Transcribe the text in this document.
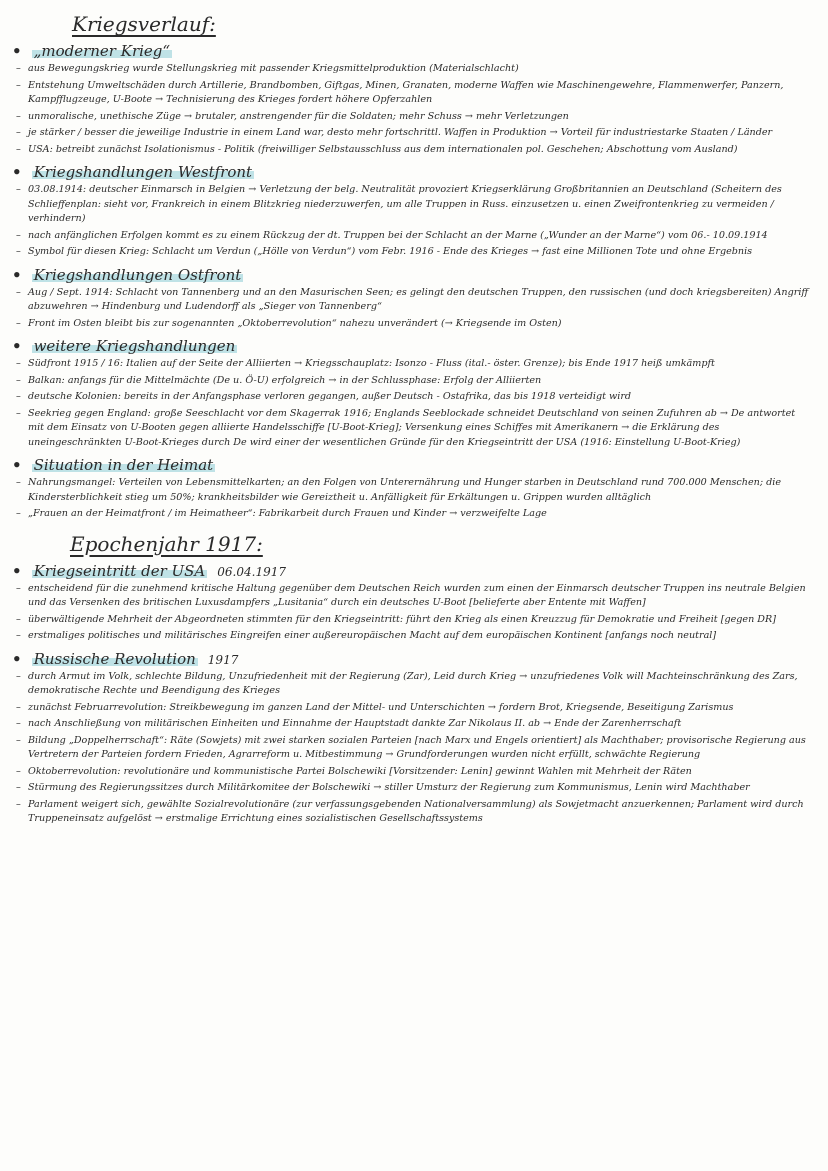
Kriegsverlauf:
• „moderner Krieg“
– aus Bewegungskrieg wurde Stellungskrieg mit passender Kriegsmittelproduktion (Materialschlacht)
– Entstehung Umweltschäden durch Artillerie, Brandbomben, Giftgas, Minen, Granaten, moderne Waffen wie Maschinengewehre, Flammenwerfer, Panzern, Kampfflugzeuge, U-Boote → Technisierung des Krieges fordert höhere Opferzahlen
– unmoralische, unethische Züge → brutaler, anstrengender für die Soldaten; mehr Schuss → mehr Verletzungen
– je stärker / besser die jeweilige Industrie in einem Land war, desto mehr fortschrittl. Waffen in Produktion → Vorteil für industriestarke Staaten / Länder
– USA: betreibt zunächst Isolationismus - Politik (freiwilliger Selbstausschluss aus dem internationalen pol. Geschehen; Abschottung vom Ausland)
• Kriegshandlungen Westfront
– 03.08.1914: deutscher Einmarsch in Belgien → Verletzung der belg. Neutralität provoziert Kriegserklärung Großbritannien an Deutschland (Scheitern des Schlieffenplan: sieht vor, Frankreich in einem Blitzkrieg niederzuwerfen, um alle Truppen in Russ. einzusetzen u. einen Zweifrontenkrieg zu vermeiden / verhindern)
– nach anfänglichen Erfolgen kommt es zu einem Rückzug der dt. Truppen bei der Schlacht an der Marne („Wunder an der Marne“) vom 06.- 10.09.1914
– Symbol für diesen Krieg: Schlacht um Verdun („Hölle von Verdun“) vom Febr. 1916 - Ende des Krieges → fast eine Millionen Tote und ohne Ergebnis
• Kriegshandlungen Ostfront
– Aug / Sept. 1914: Schlacht von Tannenberg und an den Masurischen Seen; es gelingt den deutschen Truppen, den russischen (und doch kriegsbereiten) Angriff abzuwehren → Hindenburg und Ludendorff als „Sieger von Tannenberg“
– Front im Osten bleibt bis zur sogenannten „Oktoberrevolution“ nahezu unverändert (→ Kriegsende im Osten)
• weitere Kriegshandlungen
– Südfront 1915 / 16: Italien auf der Seite der Alliierten → Kriegsschauplatz: Isonzo - Fluss (ital.- öster. Grenze); bis Ende 1917 heiß umkämpft
– Balkan: anfangs für die Mittelmächte (De u. Ö-U) erfolgreich → in der Schlussphase: Erfolg der Alliierten
– deutsche Kolonien: bereits in der Anfangsphase verloren gegangen, außer Deutsch - Ostafrika, das bis 1918 verteidigt wird
– Seekrieg gegen England: große Seeschlacht vor dem Skagerrak 1916; Englands Seeblockade schneidet Deutschland von seinen Zufuhren ab → De antwortet mit dem Einsatz von U-Booten gegen alliierte Handelsschiffe [U-Boot-Krieg]; Versenkung eines Schiffes mit Amerikanern → die Erklärung des uneingeschränkten U-Boot-Krieges durch De wird einer der wesentlichen Gründe für den Kriegseintritt der USA (1916: Einstellung U-Boot-Krieg)
• Situation in der Heimat
– Nahrungsmangel: Verteilen von Lebensmittelkarten; an den Folgen von Unterernährung und Hunger starben in Deutschland rund 700.000 Menschen; die Kindersterblichkeit stieg um 50%; krankheitsbilder wie Gereiztheit u. Anfälligkeit für Erkältungen u. Grippen wurden alltäglich
– „Frauen an der Heimatfront / im Heimatheer“: Fabrikarbeit durch Frauen und Kinder → verzweifelte Lage
Epochenjahr 1917:
• Kriegseintritt der USA 06.04.1917
– entscheidend für die zunehmend kritische Haltung gegenüber dem Deutschen Reich wurden zum einen der Einmarsch deutscher Truppen ins neutrale Belgien und das Versenken des britischen Luxusdampfers „Lusitania“ durch ein deutsches U-Boot [belieferte aber Entente mit Waffen]
– überwältigende Mehrheit der Abgeordneten stimmten für den Kriegseintritt: führt den Krieg als einen Kreuzzug für Demokratie und Freiheit [gegen DR]
– erstmaliges politisches und militärisches Eingreifen einer außereuropäischen Macht auf dem europäischen Kontinent [anfangs noch neutral]
• Russische Revolution 1917
– durch Armut im Volk, schlechte Bildung, Unzufriedenheit mit der Regierung (Zar), Leid durch Krieg → unzufriedenes Volk will Machteinschränkung des Zars, demokratische Rechte und Beendigung des Krieges
– zunächst Februarrevolution: Streikbewegung im ganzen Land der Mittel- und Unterschichten → fordern Brot, Kriegsende, Beseitigung Zarismus
– nach Anschließung von militärischen Einheiten und Einnahme der Hauptstadt dankte Zar Nikolaus II. ab → Ende der Zarenherrschaft
– Bildung „Doppelherrschaft“: Räte (Sowjets) mit zwei starken sozialen Parteien [nach Marx und Engels orientiert] als Machthaber; provisorische Regierung aus Vertretern der Parteien fordern Frieden, Agrarreform u. Mitbestimmung → Grundforderungen wurden nicht erfüllt, schwächte Regierung
– Oktoberrevolution: revolutionäre und kommunistische Partei Bolschewiki [Vorsitzender: Lenin] gewinnt Wahlen mit Mehrheit der Räten
– Stürmung des Regierungssitzes durch Militärkomitee der Bolschewiki → stiller Umsturz der Regierung zum Kommunismus, Lenin wird Machthaber
– Parlament weigert sich, gewählte Sozialrevolutionäre (zur verfassungsgebenden Nationalversammlung) als Sowjetmacht anzuerkennen; Parlament wird durch Truppeneinsatz aufgelöst → erstmalige Errichtung eines sozialistischen Gesellschaftssystems
